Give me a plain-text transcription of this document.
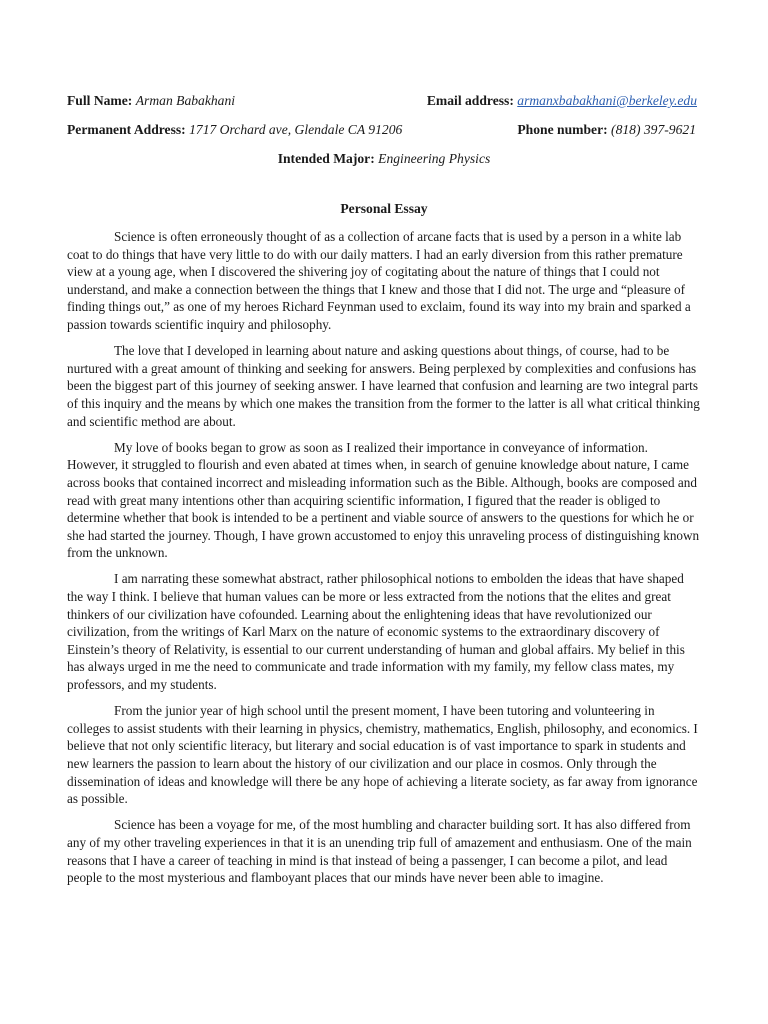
Full Name: Arman Babakhani	Email address: armanxbabakhani@berkeley.edu
Permanent Address: 1717 Orchard ave, Glendale CA 91206	Phone number: (818) 397-9621
Intended Major: Engineering Physics
Personal Essay

Science is often erroneously thought of as a collection of arcane facts that is used by a person in a white lab coat to do things that have very little to do with our daily matters. I had an early diversion from this rather premature view at a young age, when I discovered the shivering joy of cogitating about the nature of things that I could not understand, and make a connection between the things that I knew and those that I did not. The urge and “pleasure of finding things out,” as one of my heroes Richard Feynman used to exclaim, found its way into my brain and sparked a passion towards scientific inquiry and philosophy.

The love that I developed in learning about nature and asking questions about things, of course, had to be nurtured with a great amount of thinking and seeking for answers. Being perplexed by complexities and confusions has been the biggest part of this journey of seeking answer. I have learned that confusion and learning are two integral parts of this inquiry and the means by which one makes the transition from the former to the latter is all what critical thinking and scientific method are about.

My love of books began to grow as soon as I realized their importance in conveyance of information. However, it struggled to flourish and even abated at times when, in search of genuine knowledge about nature, I came across books that contained incorrect and misleading information such as the Bible. Although, books are composed and read with great many intentions other than acquiring scientific information, I figured that the reader is obliged to determine whether that book is intended to be a pertinent and viable source of answers to the questions for which he or she had started the journey. Though, I have grown accustomed to enjoy this unraveling process of distinguishing known from the unknown.

I am narrating these somewhat abstract, rather philosophical notions to embolden the ideas that have shaped the way I think. I believe that human values can be more or less extracted from the notions that the elites and great thinkers of our civilization have cofounded. Learning about the enlightening ideas that have revolutionized our civilization, from the writings of Karl Marx on the nature of economic systems to the extraordinary discovery of Einstein’s theory of Relativity, is essential to our current understanding of human and global affairs. My belief in this has always urged in me the need to communicate and trade information with my family, my fellow class mates, my professors, and my students.

From the junior year of high school until the present moment, I have been tutoring and volunteering in colleges to assist students with their learning in physics, chemistry, mathematics, English, philosophy, and economics. I believe that not only scientific literacy, but literary and social education is of vast importance to spark in students and new learners the passion to learn about the history of our civilization and our place in cosmos. Only through the dissemination of ideas and knowledge will there be any hope of achieving a literate society, as far away from ignorance as possible.

Science has been a voyage for me, of the most humbling and character building sort. It has also differed from any of my other traveling experiences in that it is an unending trip full of amazement and enthusiasm. One of the main reasons that I have a career of teaching in mind is that instead of being a passenger, I can become a pilot, and lead people to the most mysterious and flamboyant places that our minds have never been able to imagine.
